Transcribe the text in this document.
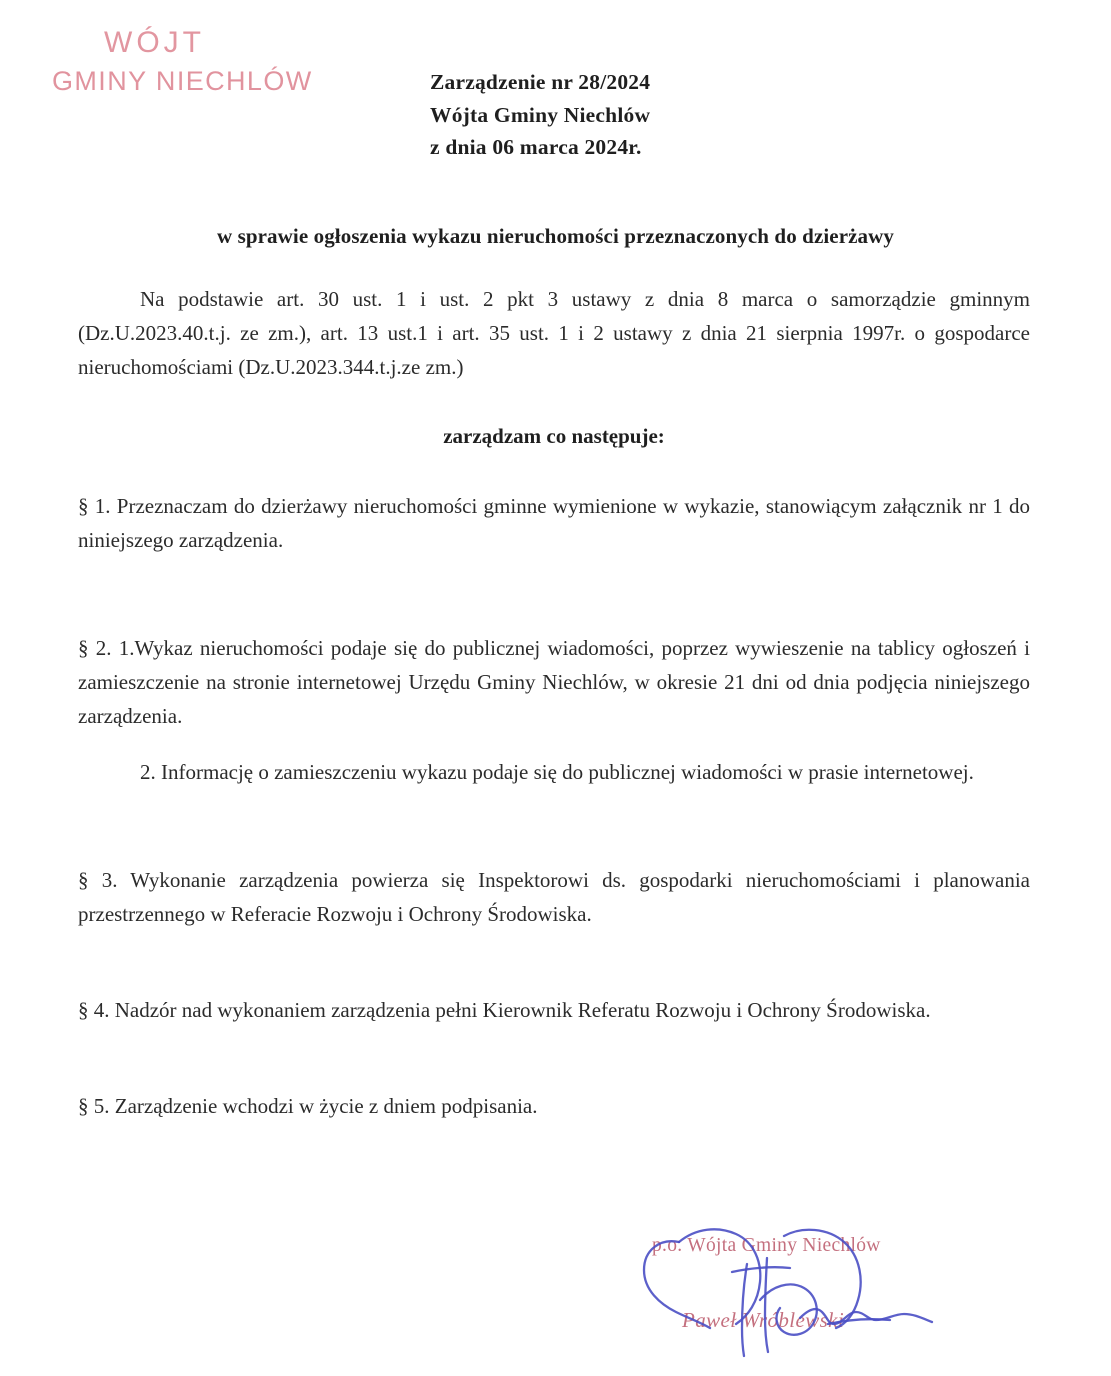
WÓJT
GMINY NIECHLÓW	Zarządzenie nr 28/2024
Wójta Gminy Niechlów
z dnia 06 marca 2024r.
w sprawie ogłoszenia wykazu nieruchomości przeznaczonych do dzierżawy

Na podstawie art. 30 ust. 1 i ust. 2 pkt 3 ustawy z dnia 8 marca o samorządzie gminnym (Dz.U.2023.40.t.j. ze zm.), art. 13 ust.1 i art. 35 ust. 1 i 2 ustawy z dnia 21 sierpnia 1997r. o gospodarce nieruchomościami (Dz.U.2023.344.t.j.ze zm.)

zarządzam co następuje:

§ 1. Przeznaczam do dzierżawy nieruchomości gminne wymienione w wykazie, stanowiącym załącznik nr 1 do niniejszego zarządzenia.

§ 2. 1.Wykaz nieruchomości podaje się do publicznej wiadomości, poprzez wywieszenie na tablicy ogłoszeń i zamieszczenie na stronie internetowej Urzędu Gminy Niechlów, w okresie 21 dni od dnia podjęcia niniejszego zarządzenia.

2. Informację o zamieszczeniu wykazu podaje się do publicznej wiadomości w prasie internetowej.

§ 3. Wykonanie zarządzenia powierza się Inspektorowi ds. gospodarki nieruchomościami i planowania przestrzennego w Referacie Rozwoju i Ochrony Środowiska.

§ 4. Nadzór nad wykonaniem zarządzenia pełni Kierownik Referatu Rozwoju i Ochrony Środowiska.

§ 5. Zarządzenie wchodzi w życie z dniem podpisania.

p.o. Wójta Gminy Niechlów
Paweł Wróblewski
